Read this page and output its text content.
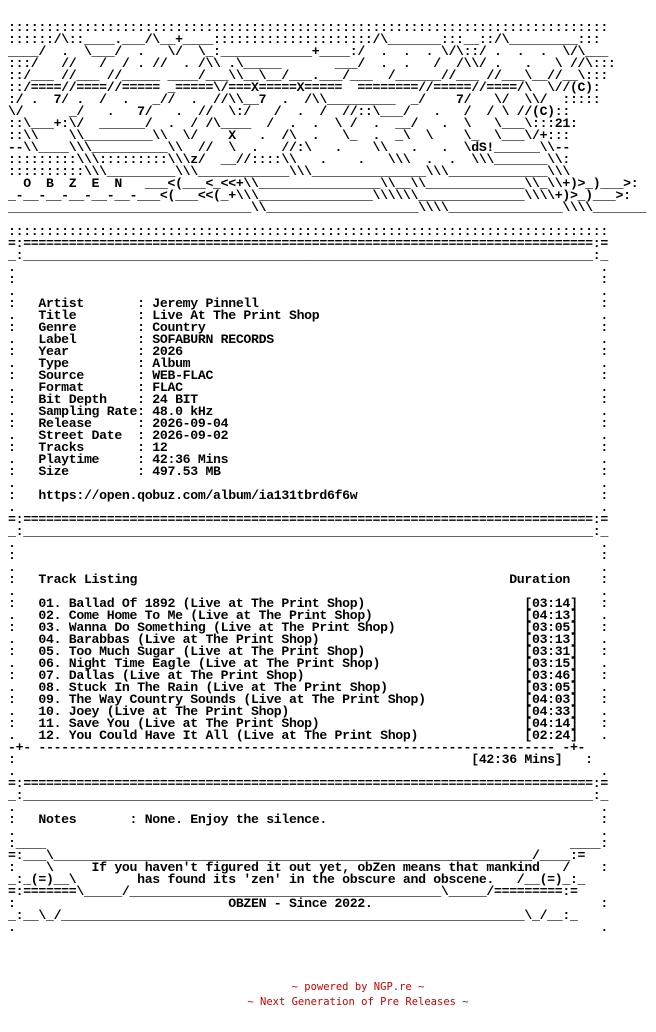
:::::::::::::::::::::::::::::::::::::::::::::::::::::::::::::::::::::::::::::::
::::::/\::____.___/\__+____:::::::::::::::::::::/\_______:::__::/\_________:::
____/  .  \___/  .   \/  \_:____________+____:/  .  .  . \/\::/ .  .  .  \/\___
:::/   //   /  / . //  . /\\ .\_____       ___/  .  .   /  /\\/ .   .   \ //\:::
::/___ //___ //_____ ____/___\\__\__/___.___/___  /______//___ //___\__//__\:::
::/====//====//===== _=====\/===X=====X=====  ========//=====//====/\  \//(C):
:/ .  7/ .  /  .   _//  .  //\\__7  .  /\\_________  _/    7/   \/  \\/  :::::
\/      _/   .   7/   .  //  \:/   /  .  /  //::\___/   .   /  / \ //(C)::
::\___+:\/  ______/  .  / /\____  /  .  .  \ /  .  __/   .  \   \___\:::21:
::\\    \\_________\\  \/    X   .  /\  .   \_  .  _\  \    \_  \___\/+:::
--\\____\\\__________\\  //  \  .   //:\   .    \\   .   .  \dS!______\\--
:::::::::\\\:::::::::\\\z/  __//::::\\   .    .   \\\  .  .  \\\_______\\:
::::::::::\\\_________\\\____________\\\_______________\\\_____________\\\
O  B  Z  E  N   ___<(___<_<<+\\________________\\__\\_____________\\_\\+)>_)___>:
_-__-__-__-__-__-___<(___<<(_+\\\_______________\\\\\\______________\\\\+)>_)___>:
________________________________\\____________________\\\\_______________\\\\_______

:::::::::::::::::::::::::::::::::::::::::::::::::::::::::::::::::::::::::::::::
=:===========================================================================:=
_:___________________________________________________________________________:_
.                                                                             .
:                                                                             :
.                                                                             .
:   Artist       : Jeremy Pinnell                                             :
.   Title        : Live At The Print Shop                                     .
:   Genre        : Country                                                    :
.   Label        : SOFABURN RECORDS                                           .
:   Year         : 2026                                                       :
.   Type         : Album                                                      .
:   Source       : WEB-FLAC                                                   :
.   Format       : FLAC                                                       .
:   Bit Depth    : 24 BIT                                                     :
.   Sampling Rate: 48.0 kHz                                                   .
:   Release      : 2026-09-04                                                 :
.   Street Date  : 2026-09-02                                                 .
:   Tracks       : 12                                                         :
.   Playtime     : 42:36 Mins                                                 .
:   Size         : 497.53 MB                                                  :
.                                                                             .
:   https://open.qobuz.com/album/ia131tbrd6f6w                                :
.                                                                             .
=:===========================================================================:=
_:___________________________________________________________________________:_
.                                                                             .
:                                                                             :
.                                                                             .
:   Track Listing                                                 Duration    :
.                                                                             .
:   01. Ballad Of 1892 (Live at The Print Shop)                     [03:14]   :
.   02. Come Home To Me (Live at The Print Shop)                    [04:13]   .
:   03. Wanna Do Something (Live at The Print Shop)                 [03:05]   :
.   04. Barabbas (Live at The Print Shop)                           [03:13]   .
:   05. Too Much Sugar (Live at The Print Shop)                     [03:31]   :
.   06. Night Time Eagle (Live at The Print Shop)                   [03:15]   .
:   07. Dallas (Live at The Print Shop)                             [03:46]   :
.   08. Stuck In The Rain (Live at The Print Shop)                  [03:05]   .
:   09. The Way Country Sounds (Live at The Print Shop)             [04:03]   :
.   10. Joey (Live at The Print Shop)                               [04:33]   .
:   11. Save You (Live at The Print Shop)                           [04:14]   :
.   12. You Could Have It All (Live at The Print Shop)              [02:24]   .
-+- -------------------------------------------------------------------- -+-
:                                                            [42:36 Mins]   :
.                                                                             .
=:===========================================================================:=
_:___________________________________________________________________________:_
.                                                                             .
:   Notes       : None. Enjoy the silence.                                    :
.                                                                             .
:____                                                                     ____:
=:___\_______________________________________________________________/____:=
:    \     If you haven't figured it out yet, obZen means that mankind   /    :
_:_(=)__\        has found its 'zen' in the obscure and obscene.   /__(=)_:_
=:=======\_____/_________________________________________\_____/=========:=
:                            OBZEN - Since 2022.                              :
_:__\_/_____________________________________________________________\_/__:_
.                                                                             .
~ powered by NGP.re ~
~ Next Generation of Pre Releases ~
